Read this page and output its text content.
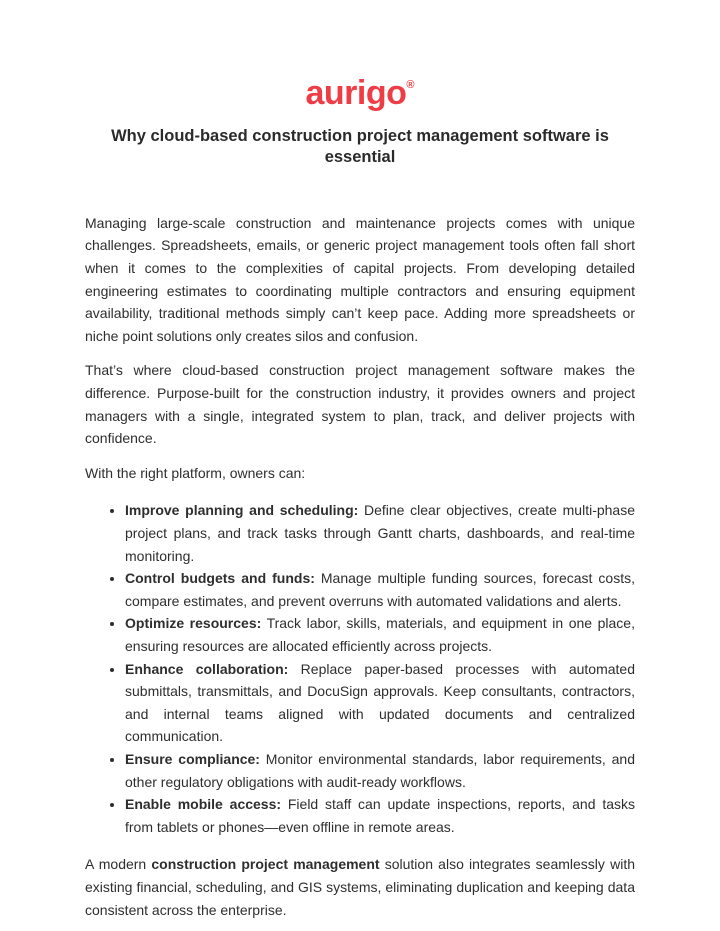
aurigo®
Why cloud-based construction project management software is essential

Managing large-scale construction and maintenance projects comes with unique challenges. Spreadsheets, emails, or generic project management tools often fall short when it comes to the complexities of capital projects. From developing detailed engineering estimates to coordinating multiple contractors and ensuring equipment availability, traditional methods simply can’t keep pace. Adding more spreadsheets or niche point solutions only creates silos and confusion.

That’s where cloud-based construction project management software makes the difference. Purpose-built for the construction industry, it provides owners and project managers with a single, integrated system to plan, track, and deliver projects with confidence.

With the right platform, owners can:

• Improve planning and scheduling: Define clear objectives, create multi-phase project plans, and track tasks through Gantt charts, dashboards, and real-time monitoring.
• Control budgets and funds: Manage multiple funding sources, forecast costs, compare estimates, and prevent overruns with automated validations and alerts.
• Optimize resources: Track labor, skills, materials, and equipment in one place, ensuring resources are allocated efficiently across projects.
• Enhance collaboration: Replace paper-based processes with automated submittals, transmittals, and DocuSign approvals. Keep consultants, contractors, and internal teams aligned with updated documents and centralized communication.
• Ensure compliance: Monitor environmental standards, labor requirements, and other regulatory obligations with audit-ready workflows.
• Enable mobile access: Field staff can update inspections, reports, and tasks from tablets or phones—even offline in remote areas.

A modern construction project management solution also integrates seamlessly with existing financial, scheduling, and GIS systems, eliminating duplication and keeping data consistent across the enterprise.
